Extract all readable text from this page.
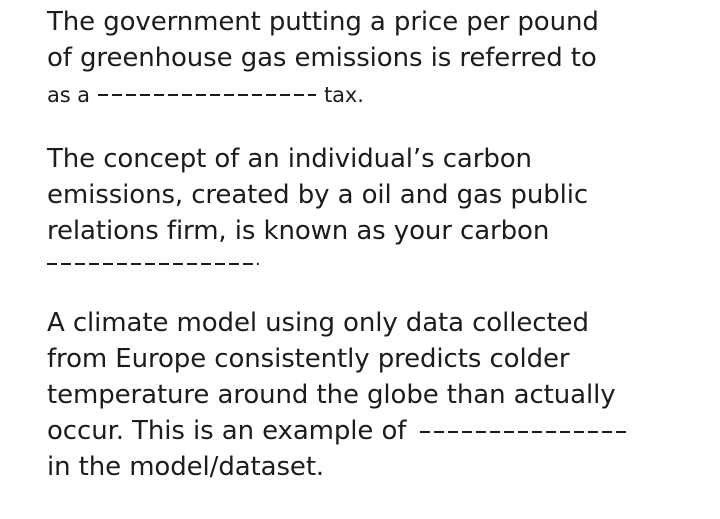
The government putting a price per pound
of greenhouse gas emissions is referred to
as a	tax.
The concept of an individual’s carbon
emissions, created by a oil and gas public
relations firm, is known as your carbon
.
A climate model using only data collected
from Europe consistently predicts colder
temperature around the globe than actually
occur. This is an example of
in the model/dataset.
